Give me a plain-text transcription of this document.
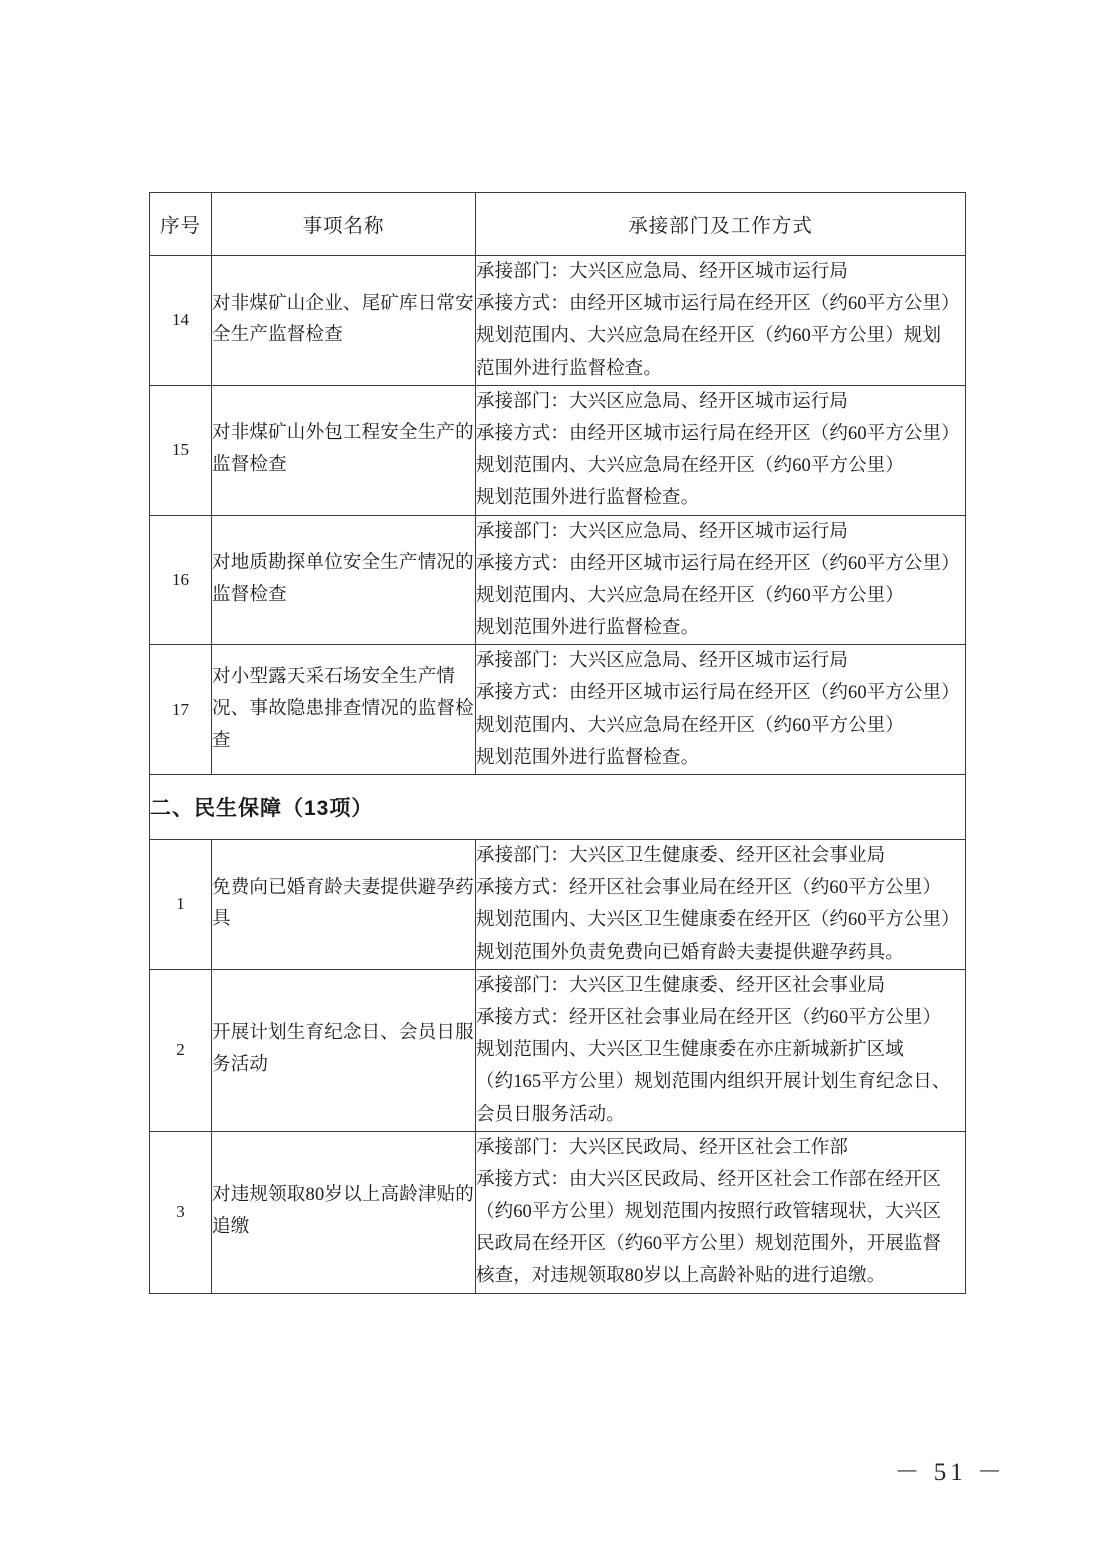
序号	事项名称	承接部门及工作方式
14	对非煤矿山企业、尾矿库日常安全生产监督检查	承接部门：大兴区应急局、经开区城市运行局
承接方式：由经开区城市运行局在经开区（约60平方公里）
规划范围内、大兴应急局在经开区（约60平方公里）规划
范围外进行监督检查。

15	对非煤矿山外包工程安全生产的监督检查	承接部门：大兴区应急局、经开区城市运行局
承接方式：由经开区城市运行局在经开区（约60平方公里）
规划范围内、大兴应急局在经开区（约60平方公里）
规划范围外进行监督检查。

16	对地质勘探单位安全生产情况的监督检查	承接部门：大兴区应急局、经开区城市运行局
承接方式：由经开区城市运行局在经开区（约60平方公里）
规划范围内、大兴应急局在经开区（约60平方公里）
规划范围外进行监督检查。

17	对小型露天采石场安全生产情况、事故隐患排查情况的监督检查	承接部门：大兴区应急局、经开区城市运行局
承接方式：由经开区城市运行局在经开区（约60平方公里）
规划范围内、大兴应急局在经开区（约60平方公里）
规划范围外进行监督检查。

二、民生保障（13项）		
1	免费向已婚育龄夫妻提供避孕药具	承接部门：大兴区卫生健康委、经开区社会事业局
承接方式：经开区社会事业局在经开区（约60平方公里）
规划范围内、大兴区卫生健康委在经开区（约60平方公里）
规划范围外负责免费向已婚育龄夫妻提供避孕药具。

2	开展计划生育纪念日、会员日服务活动	承接部门：大兴区卫生健康委、经开区社会事业局
承接方式：经开区社会事业局在经开区（约60平方公里）
规划范围内、大兴区卫生健康委在亦庄新城新扩区域
（约165平方公里）规划范围内组织开展计划生育纪念日、
会员日服务活动。

3	对违规领取80岁以上高龄津贴的追缴	承接部门：大兴区民政局、经开区社会工作部
承接方式：由大兴区民政局、经开区社会工作部在经开区
（约60平方公里）规划范围内按照行政管辖现状，大兴区
民政局在经开区（约60平方公里）规划范围外，开展监督
核查，对违规领取80岁以上高龄补贴的进行追缴。
－ 51 －
